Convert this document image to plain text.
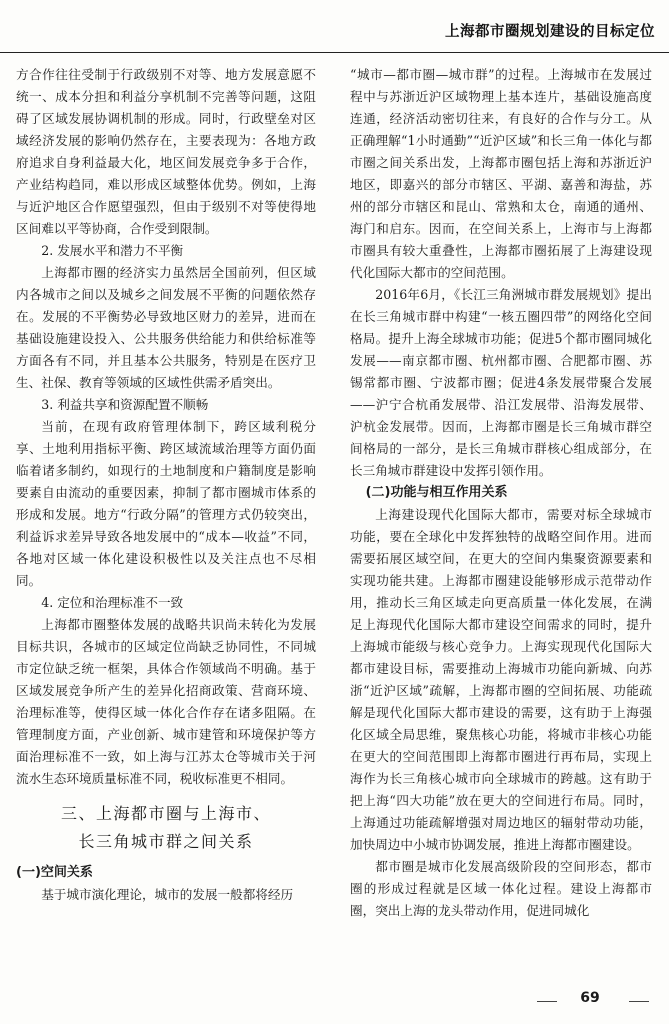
上海都市圈规划建设的目标定位

方合作往往受制于行政级别不对等、地方发展意愿不统一、成本分担和利益分享机制不完善等问题，这阻碍了区域发展协调机制的形成。同时，行政壁垒对区域经济发展的影响仍然存在，主要表现为：各地方政府追求自身利益最大化，地区间发展竞争多于合作，产业结构趋同，难以形成区域整体优势。例如，上海与近沪地区合作愿望强烈，但由于级别不对等使得地区间难以平等协商，合作受到限制。

2. 发展水平和潜力不平衡

上海都市圈的经济实力虽然居全国前列，但区域内各城市之间以及城乡之间发展不平衡的问题依然存在。发展的不平衡势必导致地区财力的差异，进而在基础设施建设投入、公共服务供给能力和供给标准等方面各有不同，并且基本公共服务，特别是在医疗卫生、社保、教育等领域的区域性供需矛盾突出。

3. 利益共享和资源配置不顺畅

当前，在现有政府管理体制下，跨区域利税分享、土地利用指标平衡、跨区域流域治理等方面仍面临着诸多制约，如现行的土地制度和户籍制度是影响要素自由流动的重要因素，抑制了都市圈城市体系的形成和发展。地方“行政分隔”的管理方式仍较突出，利益诉求差异导致各地发展中的“成本—收益”不同，各地对区域一体化建设积极性以及关注点也不尽相同。

4. 定位和治理标准不一致

上海都市圈整体发展的战略共识尚未转化为发展目标共识，各城市的区域定位尚缺乏协同性，不同城市定位缺乏统一框架，具体合作领域尚不明确。基于区域发展竞争所产生的差异化招商政策、营商环境、治理标准等，使得区域一体化合作存在诸多阻隔。在管理制度方面，产业创新、城市建管和环境保护等方面治理标准不一致，如上海与江苏太仓等城市关于河流水生态环境质量标准不同，税收标准更不相同。

三、上海都市圈与上海市、
长三角城市群之间关系

(一)空间关系

基于城市演化理论，城市的发展一般都将经历

“城市—都市圈—城市群”的过程。上海城市在发展过程中与苏浙近沪区域物理上基本连片，基础设施高度连通，经济活动密切往来，有良好的合作与分工。从正确理解“1小时通勤”“近沪区域”和长三角一体化与都市圈之间关系出发，上海都市圈包括上海和苏浙近沪地区，即嘉兴的部分市辖区、平湖、嘉善和海盐，苏州的部分市辖区和昆山、常熟和太仓，南通的通州、海门和启东。因而，在空间关系上，上海市与上海都市圈具有较大重叠性，上海都市圈拓展了上海建设现代化国际大都市的空间范围。

2016年6月，《长江三角洲城市群发展规划》提出在长三角城市群中构建“一核五圈四带”的网络化空间格局。提升上海全球城市功能；促进5个都市圈同城化发展——南京都市圈、杭州都市圈、合肥都市圈、苏锡常都市圈、宁波都市圈；促进4条发展带聚合发展——沪宁合杭甬发展带、沿江发展带、沿海发展带、沪杭金发展带。因而，上海都市圈是长三角城市群空间格局的一部分，是长三角城市群核心组成部分，在长三角城市群建设中发挥引领作用。

(二)功能与相互作用关系

上海建设现代化国际大都市，需要对标全球城市功能，要在全球化中发挥独特的战略空间作用。进而需要拓展区域空间，在更大的空间内集聚资源要素和实现功能共建。上海都市圈建设能够形成示范带动作用，推动长三角区域走向更高质量一体化发展，在满足上海现代化国际大都市建设空间需求的同时，提升上海城市能级与核心竞争力。上海实现现代化国际大都市建设目标，需要推动上海城市功能向新城、向苏浙“近沪区域”疏解，上海都市圈的空间拓展、功能疏解是现代化国际大都市建设的需要，这有助于上海强化区域全局思维，聚焦核心功能，将城市非核心功能在更大的空间范围即上海都市圈进行再布局，实现上海作为长三角核心城市向全球城市的跨越。这有助于把上海“四大功能”放在更大的空间进行布局。同时，上海通过功能疏解增强对周边地区的辐射带动功能，加快周边中小城市协调发展，推进上海都市圈建设。

都市圈是城市化发展高级阶段的空间形态，都市圈的形成过程就是区域一体化过程。建设上海都市圈，突出上海的龙头带动作用，促进同城化

69
